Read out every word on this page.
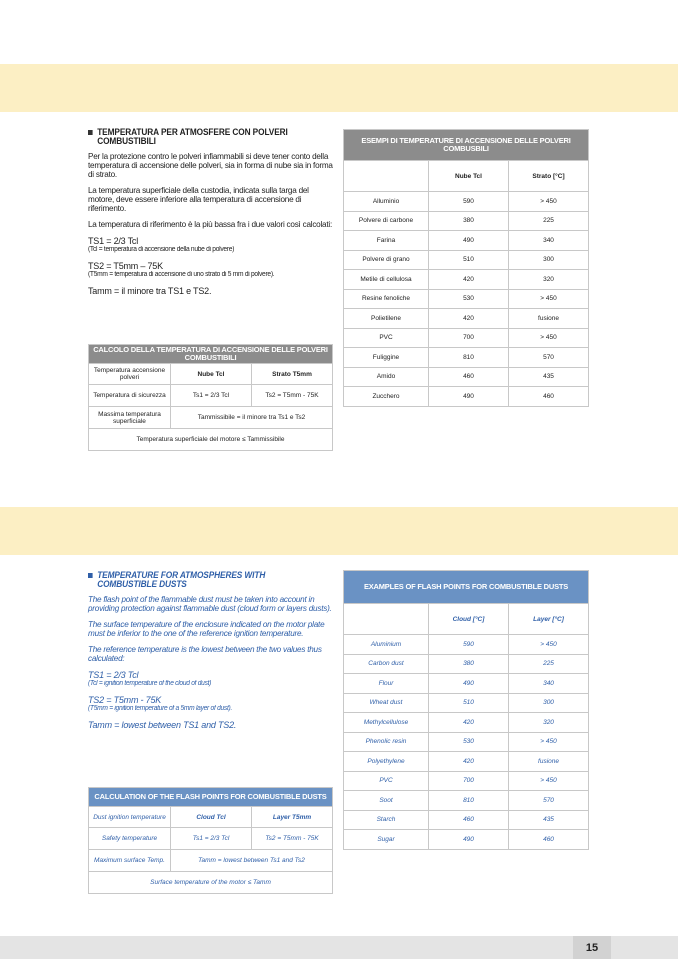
TEMPERATURA PER ATMOSFERE CON POLVERI COMBUSTIBILI

Per la protezione contro le polveri infiammabili si deve tener conto della temperatura di accensione delle polveri, sia in forma di nube sia in forma di strato.

La temperatura superficiale della custodia, indicata sulla targa del motore, deve essere inferiore alla temperatura di accensione di riferimento.

La temperatura di riferimento è la più bassa fra i due valori così calcolati:

TS1 = 2/3 Tcl
(Tcl = temperatura di accensione della nube di polvere)
TS2 = T5mm – 75K
(T5mm = temperatura di accensione di uno strato di 5 mm di polvere).
Tamm = il minore tra TS1 e TS2.
CALCOLO DELLA TEMPERATURA DI ACCENSIONE DELLE POLVERI COMBUSTIBILI		
Temperatura accensione polveri	Nube Tcl	Strato T5mm
Temperatura di sicurezza	Ts1 = 2/3 Tcl	Ts2 = T5mm - 75K
Massima temperatura superficiale	Tammissibile = il minore tra Ts1 e Ts2	
Temperatura superficiale del motore ≤ Tammissibile		
ESEMPI DI TEMPERATURE DI ACCENSIONE DELLE POLVERI COMBUSBILI		
	Nube Tcl	Strato [°C]
Alluminio	590	> 450
Polvere di carbone	380	225
Farina	490	340
Polvere di grano	510	300
Metile di cellulosa	420	320
Resine fenoliche	530	> 450
Polietilene	420	fusione
PVC	700	> 450
Fuliggine	810	570
Amido	460	435
Zucchero	490	460
TEMPERATURE FOR ATMOSPHERES WITH COMBUSTIBLE DUSTS

The flash point of the flammable dust must be taken into account in providing protection against flammable dust (cloud form or layers dusts).

The surface temperature of the enclosure indicated on the motor plate must be inferior to the one of the reference ignition temperature.

The reference temperature is the lowest between the two values thus calculated:

TS1 = 2/3 Tcl
(Tcl = ignition temperature of the cloud of dust)
TS2 = T5mm - 75K
(T5mm = ignition temperature of a 5mm layer of dust).
Tamm = lowest between TS1 and TS2.
CALCULATION OF THE FLASH POINTS FOR COMBUSTIBLE DUSTS		
Dust ignition temperature	Cloud Tcl	Layer T5mm
Safety temperature	Ts1 = 2/3 Tcl	Ts2 = T5mm - 75K
Maximum surface Temp.	Tamm = lowest between Ts1 and Ts2	
Surface temperature of the motor ≤ Tamm		
EXAMPLES OF FLASH POINTS FOR COMBUSTIBLE DUSTS		
	Cloud [°C]	Layer [°C]
Aluminium	590	> 450
Carbon dust	380	225
Flour	490	340
Wheat dust	510	300
Methylcellulose	420	320
Phenolic resin	530	> 450
Polyethylene	420	fusione
PVC	700	> 450
Soot	810	570
Starch	460	435
Sugar	490	460
15
